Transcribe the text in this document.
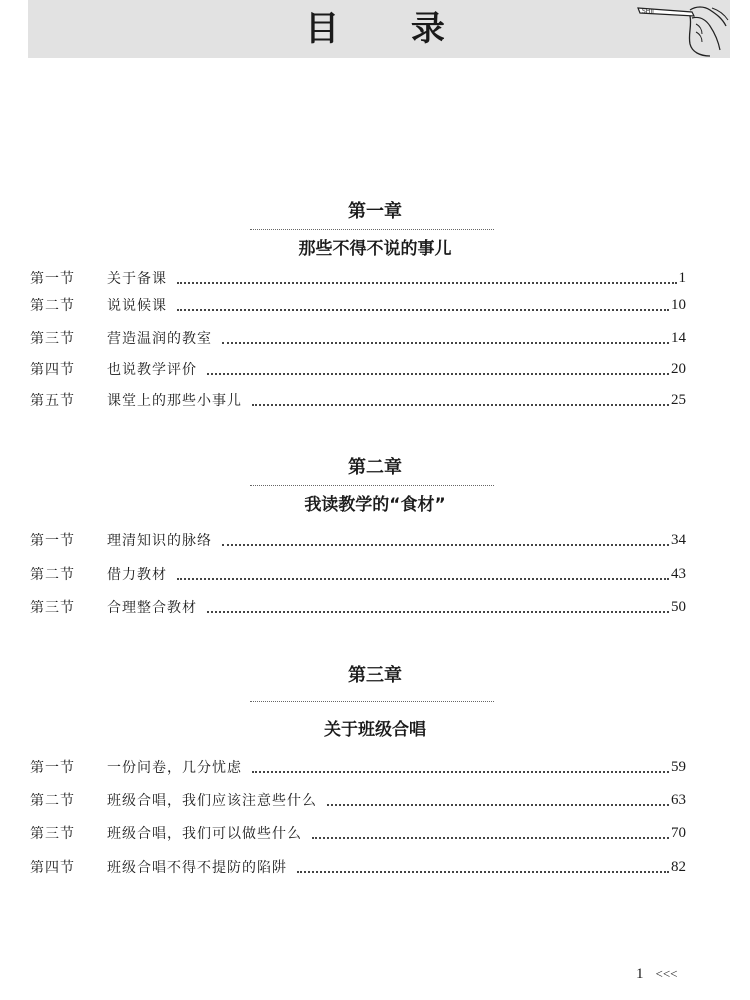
目 录	SHII
第一章
那些不得不说的事儿
第一节	关于备课	1
第二节	说说候课	10
第三节	营造温润的教室	14
第四节	也说教学评价	20
第五节	课堂上的那些小事儿	25
第二章
我读教学的“食材”
第一节	理清知识的脉络	34
第二节	借力教材	43
第三节	合理整合教材	50
第三章
关于班级合唱
第一节	一份问卷，几分忧虑	59
第二节	班级合唱，我们应该注意些什么	63
第三节	班级合唱，我们可以做些什么	70
第四节	班级合唱不得不提防的陷阱	82
1 <<<
